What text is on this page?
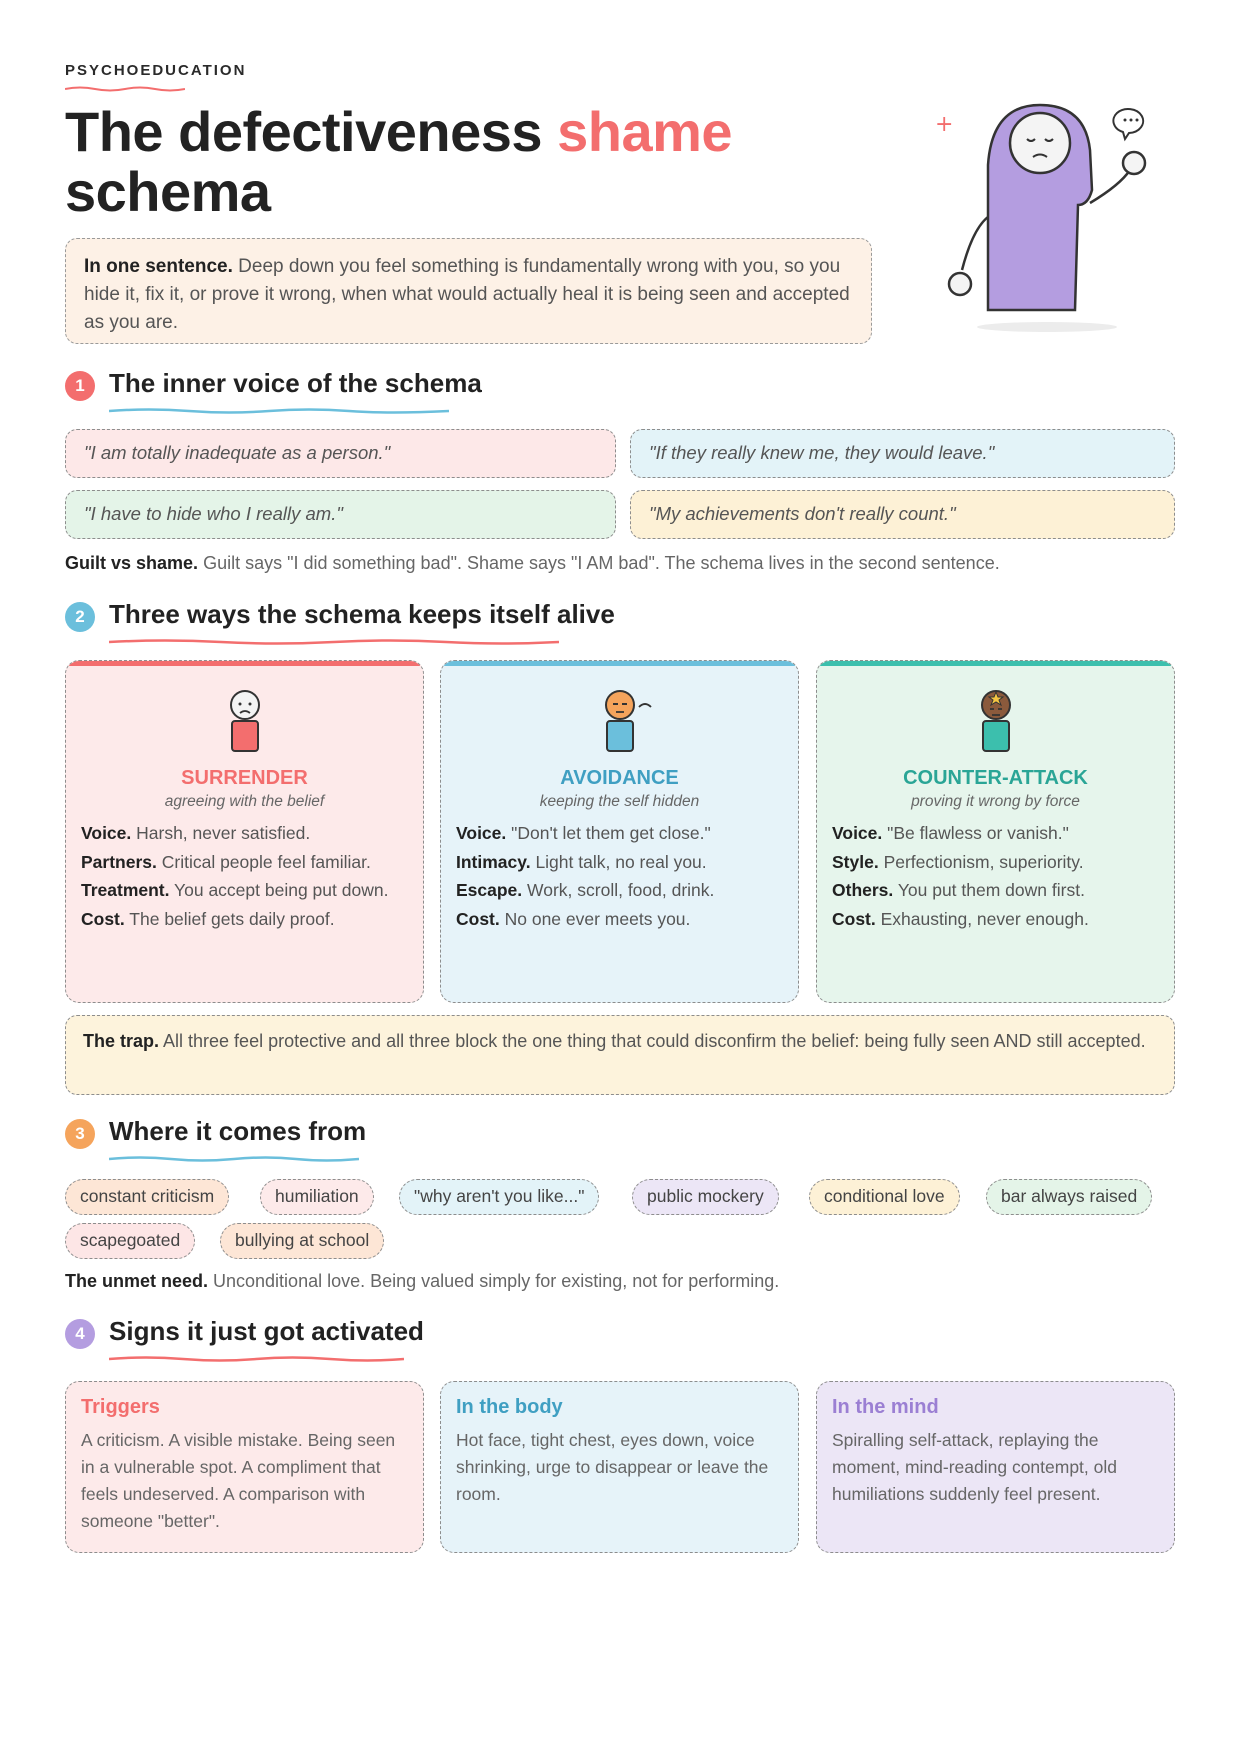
PSYCHOEDUCATION
The defectiveness shame
schema
In one sentence. Deep down you feel something is fundamentally wrong with you, so you hide it, fix it, or prove it wrong, when what would actually heal it is being seen and accepted as you are.
+
1 The inner voice of the schema
"I am totally inadequate as a person."	"If they really knew me, they would leave."
"I have to hide who I really am."	"My achievements don't really count."
Guilt vs shame. Guilt says "I did something bad". Shame says "I AM bad". The schema lives in the second sentence.
2 Three ways the schema keeps itself alive
SURRENDER
agreeing with the belief

Voice. Harsh, never satisfied.

Partners. Critical people feel familiar.

Treatment. You accept being put down.

Cost. The belief gets daily proof.

AVOIDANCE
keeping the self hidden

Voice. "Don't let them get close."

Intimacy. Light talk, no real you.

Escape. Work, scroll, food, drink.

Cost. No one ever meets you.

COUNTER-ATTACK
proving it wrong by force

Voice. "Be flawless or vanish."

Style. Perfectionism, superiority.

Others. You put them down first.

Cost. Exhausting, never enough.

The trap. All three feel protective and all three block the one thing that could disconfirm the belief: being fully seen AND still accepted.
3 Where it comes from
constant criticism	humiliation	"why aren't you like..."	public mockery	conditional love	bar always raised
scapegoated	bullying at school
The unmet need. Unconditional love. Being valued simply for existing, not for performing.
4 Signs it just got activated
Triggers
A criticism. A visible mistake. Being seen in a vulnerable spot. A compliment that feels undeserved. A comparison with someone "better".
In the body
Hot face, tight chest, eyes down, voice shrinking, urge to disappear or leave the room.
In the mind
Spiralling self-attack, replaying the moment, mind-reading contempt, old humiliations suddenly feel present.
